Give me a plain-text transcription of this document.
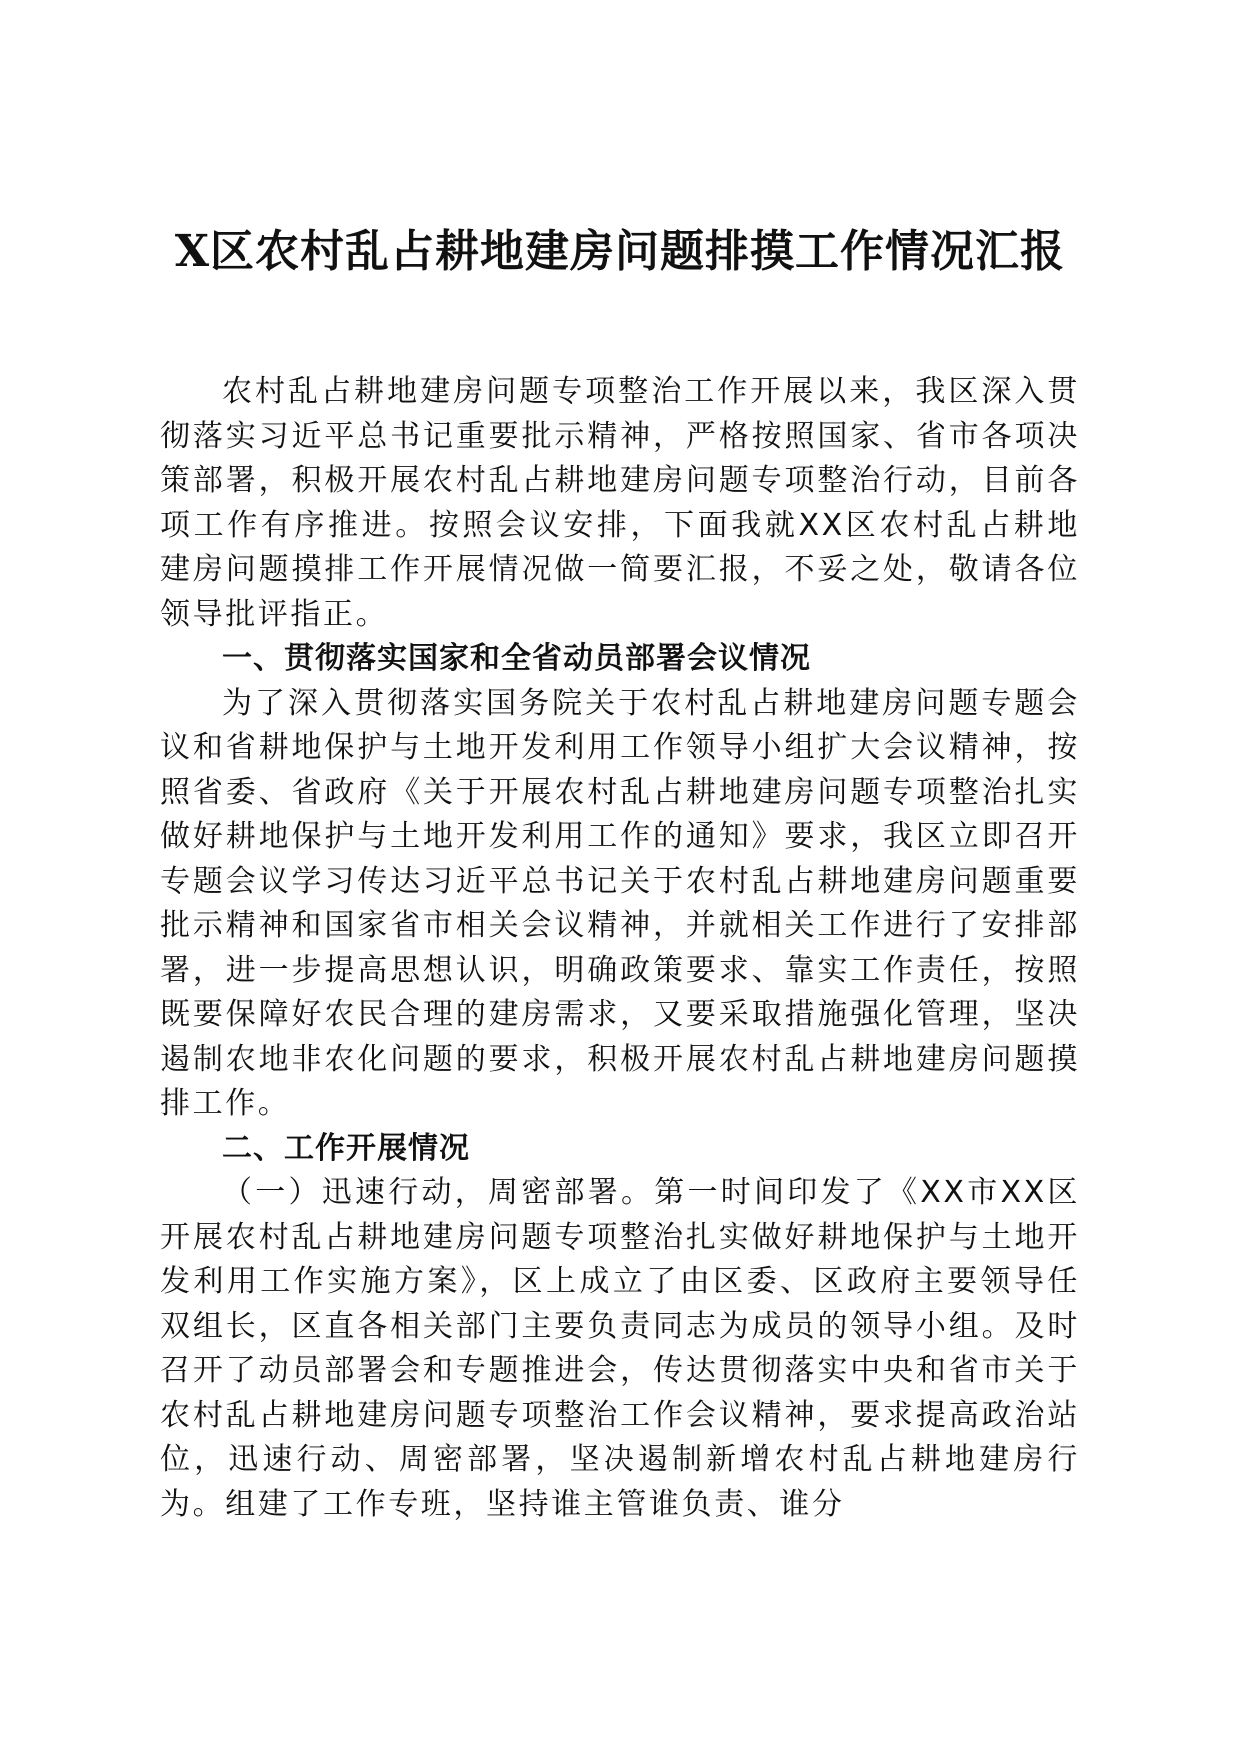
X区农村乱占耕地建房问题排摸工作情况汇报

农村乱占耕地建房问题专项整治工作开展以来，我区深入贯彻落实习近平总书记重要批示精神，严格按照国家、省市各项决策部署，积极开展农村乱占耕地建房问题专项整治行动，目前各项工作有序推进。按照会议安排，下面我就XX区农村乱占耕地建房问题摸排工作开展情况做一简要汇报，不妥之处，敬请各位领导批评指正。

一、贯彻落实国家和全省动员部署会议情况

为了深入贯彻落实国务院关于农村乱占耕地建房问题专题会议和省耕地保护与土地开发利用工作领导小组扩大会议精神，按照省委、省政府《关于开展农村乱占耕地建房问题专项整治扎实做好耕地保护与土地开发利用工作的通知》要求，我区立即召开专题会议学习传达习近平总书记关于农村乱占耕地建房问题重要批示精神和国家省市相关会议精神，并就相关工作进行了安排部署，进一步提高思想认识，明确政策要求、靠实工作责任，按照既要保障好农民合理的建房需求，又要采取措施强化管理，坚决遏制农地非农化问题的要求，积极开展农村乱占耕地建房问题摸排工作。

二、工作开展情况

（一）迅速行动，周密部署。第一时间印发了《XX市XX区开展农村乱占耕地建房问题专项整治扎实做好耕地保护与土地开发利用工作实施方案》，区上成立了由区委、区政府主要领导任双组长，区直各相关部门主要负责同志为成员的领导小组。及时召开了动员部署会和专题推进会，传达贯彻落实中央和省市关于农村乱占耕地建房问题专项整治工作会议精神，要求提高政治站位，迅速行动、周密部署，坚决遏制新增农村乱占耕地建房行为。组建了工作专班，坚持谁主管谁负责、谁分
